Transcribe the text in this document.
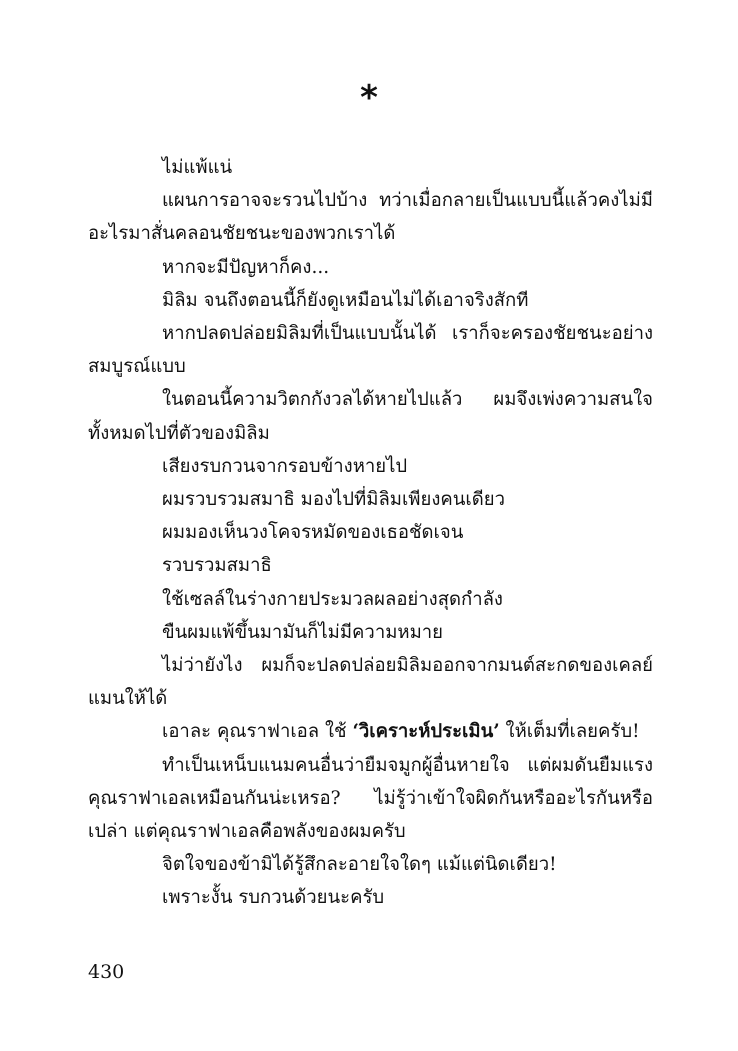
*

ไม่แพ้แน่

แผนการอาจจะรวนไปบ้าง ทว่าเมื่อกลายเป็นแบบนี้แล้วคงไม่มีอะไรมาสั่นคลอนชัยชนะของพวกเราได้

หากจะมีปัญหาก็คง...

มิลิม จนถึงตอนนี้ก็ยังดูเหมือนไม่ได้เอาจริงสักที

หากปลดปล่อยมิลิมที่เป็นแบบนั้นได้ เราก็จะครองชัยชนะอย่างสมบูรณ์แบบ

ในตอนนี้ความวิตกกังวลได้หายไปแล้ว ผมจึงเพ่งความสนใจทั้งหมดไปที่ตัวของมิลิม

เสียงรบกวนจากรอบข้างหายไป

ผมรวบรวมสมาธิ มองไปที่มิลิมเพียงคนเดียว

ผมมองเห็นวงโคจรหมัดของเธอชัดเจน

รวบรวมสมาธิ

ใช้เซลล์ในร่างกายประมวลผลอย่างสุดกำลัง

ขืนผมแพ้ขึ้นมามันก็ไม่มีความหมาย

ไม่ว่ายังไง ผมก็จะปลดปล่อยมิลิมออกจากมนต์สะกดของเคลย์แมนให้ได้

เอาละ คุณราฟาเอล ใช้ ‘วิเคราะห์ประเมิน’ ให้เต็มที่เลยครับ!

ทำเป็นเหน็บแนมคนอื่นว่ายืมจมูกผู้อื่นหายใจ แต่ผมดันยืมแรงคุณราฟาเอลเหมือนกันน่ะเหรอ? ไม่รู้ว่าเข้าใจผิดกันหรืออะไรกันหรือเปล่า แต่คุณราฟาเอลคือพลังของผมครับ

จิตใจของข้ามิได้รู้สึกละอายใจใดๆ แม้แต่นิดเดียว!

เพราะงั้น รบกวนด้วยนะครับ

430
